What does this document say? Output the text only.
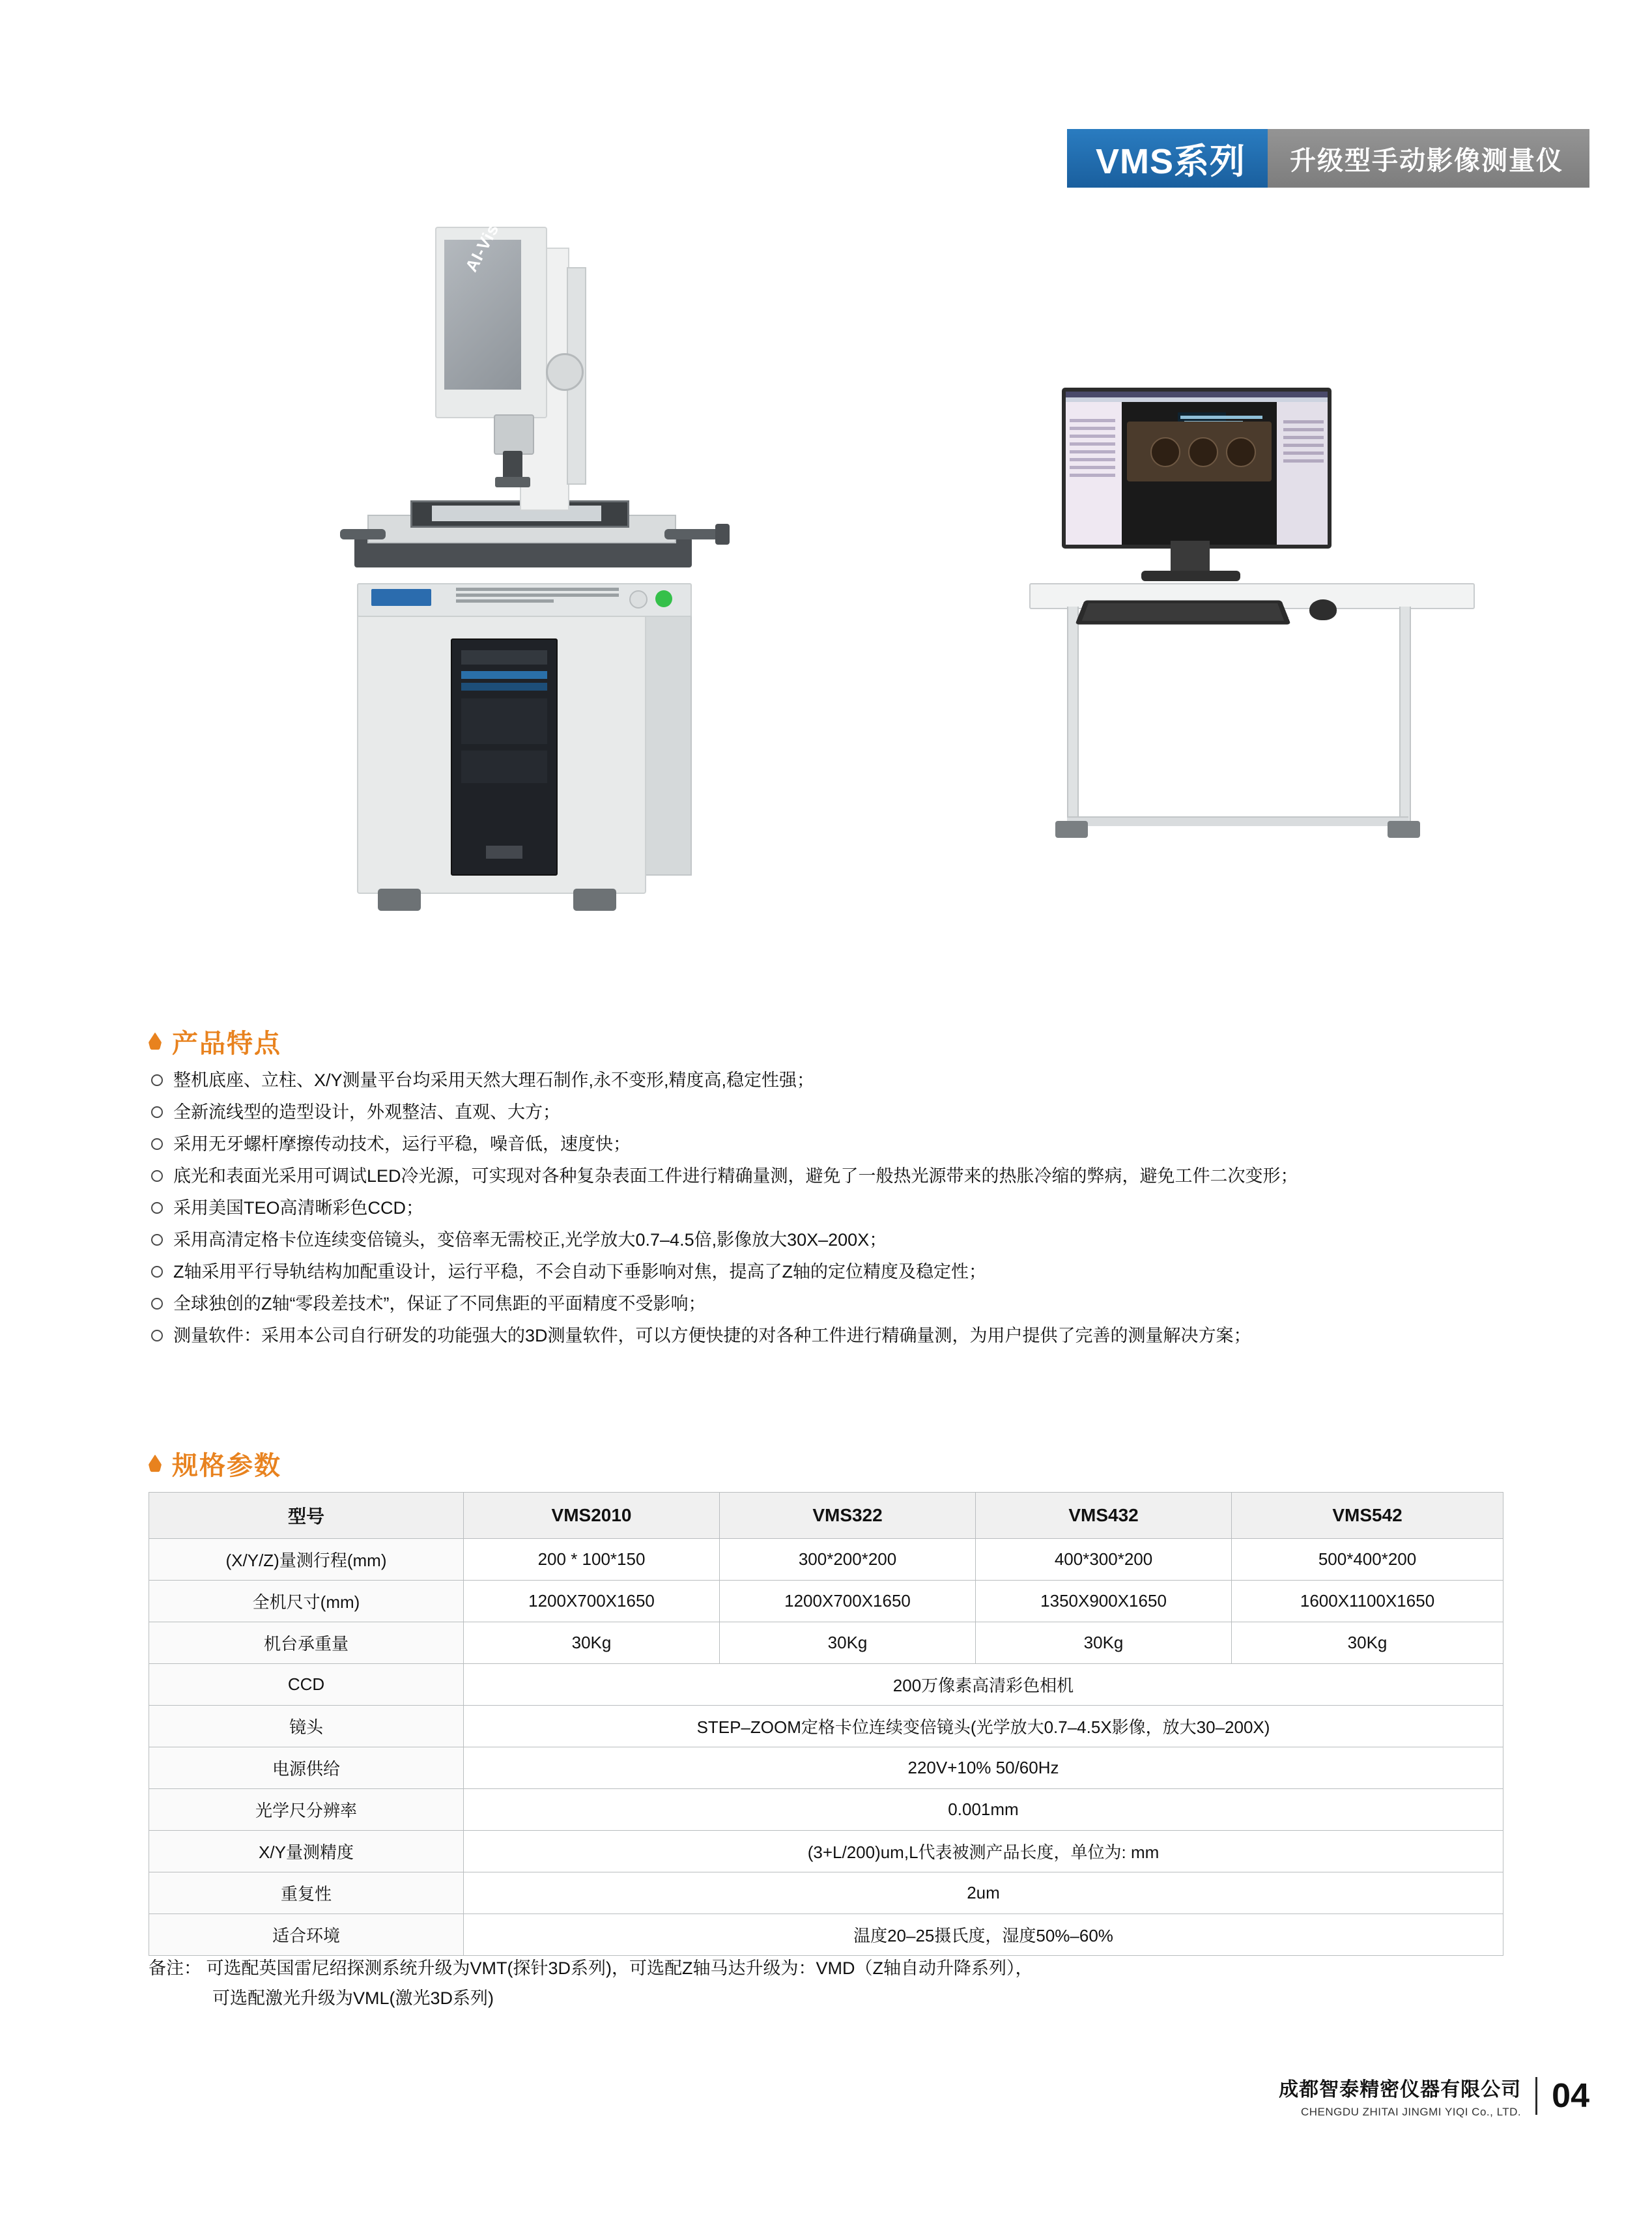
VMS系列	升级型手动影像测量仪
AI-Vision
产品特点
整机底座、立柱、X/Y测量平台均采用天然大理石制作,永不变形,精度高,稳定性强；
全新流线型的造型设计，外观整洁、直观、大方；
采用无牙螺杆摩擦传动技术，运行平稳，噪音低，速度快；
底光和表面光采用可调试LED冷光源，可实现对各种复杂表面工件进行精确量测，避免了一般热光源带来的热胀冷缩的弊病，避免工件二次变形；
采用美国TEO高清晰彩色CCD；
采用高清定格卡位连续变倍镜头，变倍率无需校正,光学放大0.7–4.5倍,影像放大30X–200X；
Z轴采用平行导轨结构加配重设计，运行平稳，不会自动下垂影响对焦，提高了Z轴的定位精度及稳定性；
全球独创的Z轴“零段差技术”，保证了不同焦距的平面精度不受影响；
测量软件：采用本公司自行研发的功能强大的3D测量软件，可以方便快捷的对各种工件进行精确量测，为用户提供了完善的测量解决方案；
规格参数
型号	VMS2010	VMS322	VMS432	VMS542
(X/Y/Z)量测行程(mm)	200 * 100*150	300*200*200	400*300*200	500*400*200
全机尺寸(mm)	1200X700X1650	1200X700X1650	1350X900X1650	1600X1100X1650
机台承重量	30Kg	30Kg	30Kg	30Kg
CCD	200万像素高清彩色相机			
镜头	STEP–ZOOM定格卡位连续变倍镜头(光学放大0.7–4.5X影像，放大30–200X)			
电源供给	220V+10% 50/60Hz			
光学尺分辨率	0.001mm			
X/Y量测精度	(3+L/200)um,L代表被测产品长度，单位为: mm			
重复性	2um			
适合环境	温度20–25摄氏度，湿度50%–60%			
备注： 可选配英国雷尼绍探测系统升级为VMT(探针3D系列)，可选配Z轴马达升级为：VMD（Z轴自动升降系列），
可选配激光升级为VML(激光3D系列)
成都智泰精密仪器有限公司
CHENGDU ZHITAI JINGMI YIQI Co., LTD. 04
